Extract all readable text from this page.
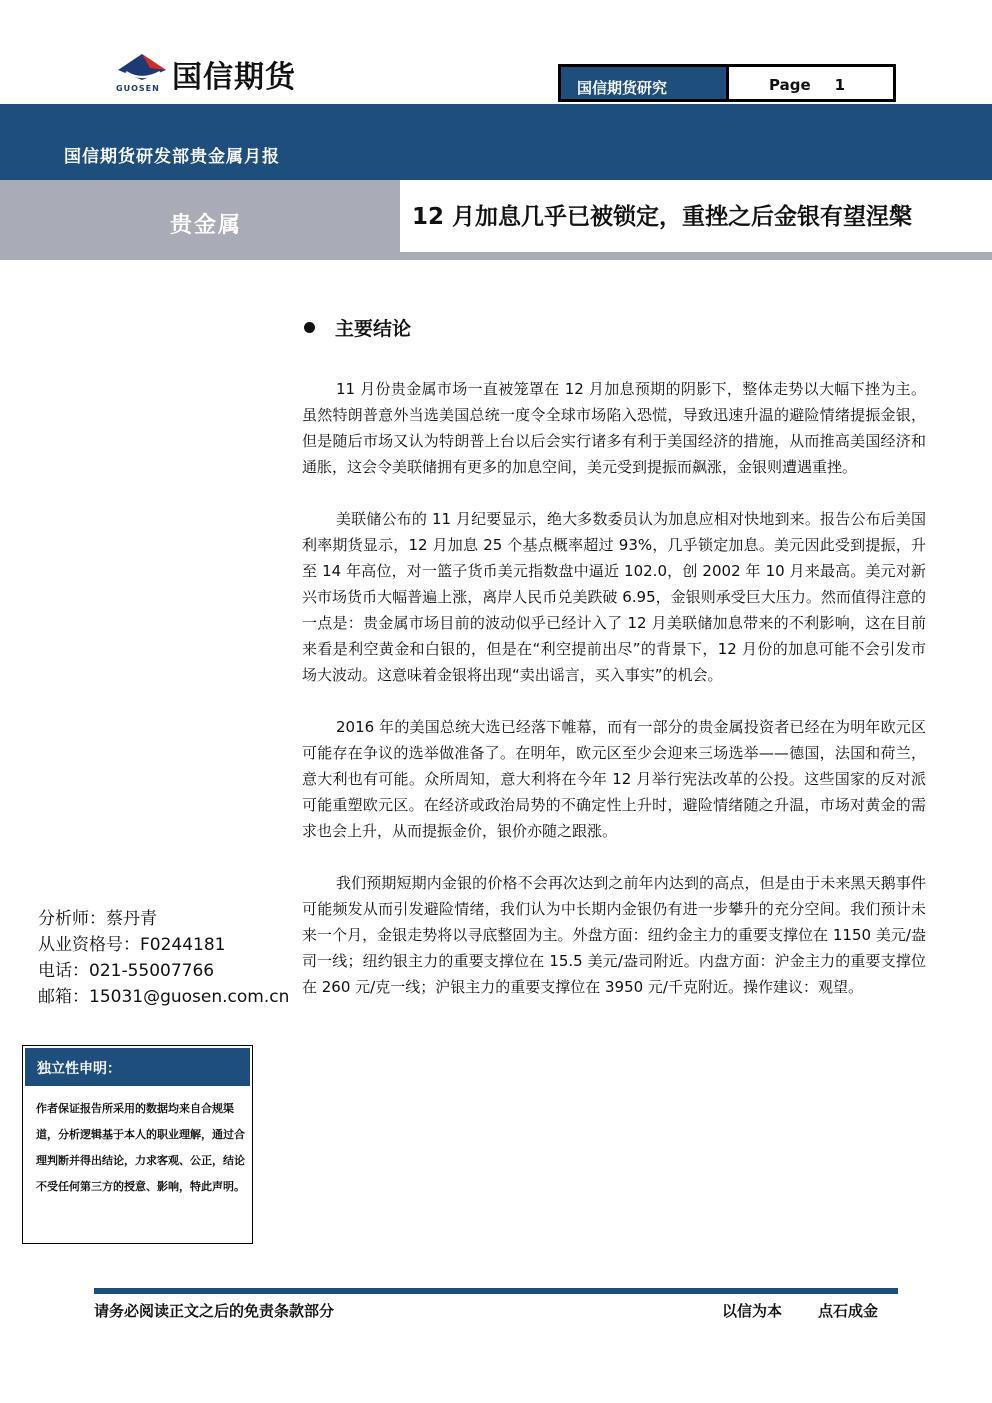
GUOSEN 国信期货	国信期货研究	Page 1
国信期货研发部贵金属月报
贵金属	12 月加息几乎已被锁定，重挫之后金银有望涅槃
2016 年 11 月 25 日
主要结论

11 月份贵金属市场一直被笼罩在 12 月加息预期的阴影下，整体走势以大幅下挫为主。虽然特朗普意外当选美国总统一度令全球市场陷入恐慌，导致迅速升温的避险情绪提振金银，但是随后市场又认为特朗普上台以后会实行诸多有利于美国经济的措施，从而推高美国经济和通胀，这会令美联储拥有更多的加息空间，美元受到提振而飙涨，金银则遭遇重挫。

美联储公布的 11 月纪要显示，绝大多数委员认为加息应相对快地到来。报告公布后美国利率期货显示，12 月加息 25 个基点概率超过 93%，几乎锁定加息。美元因此受到提振，升至 14 年高位，对一篮子货币美元指数盘中逼近 102.0，创 2002 年 10 月来最高。美元对新兴市场货币大幅普遍上涨，离岸人民币兑美跌破 6.95，金银则承受巨大压力。然而值得注意的一点是：贵金属市场目前的波动似乎已经计入了 12 月美联储加息带来的不利影响，这在目前来看是利空黄金和白银的，但是在“利空提前出尽”的背景下，12 月份的加息可能不会引发市场大波动。这意味着金银将出现“卖出谣言，买入事实”的机会。

2016 年的美国总统大选已经落下帷幕，而有一部分的贵金属投资者已经在为明年欧元区可能存在争议的选举做准备了。在明年，欧元区至少会迎来三场选举——德国，法国和荷兰，意大利也有可能。众所周知，意大利将在今年 12 月举行宪法改革的公投。这些国家的反对派可能重塑欧元区。在经济或政治局势的不确定性上升时，避险情绪随之升温，市场对黄金的需求也会上升，从而提振金价，银价亦随之跟涨。

我们预期短期内金银的价格不会再次达到之前年内达到的高点，但是由于未来黑天鹅事件可能频发从而引发避险情绪，我们认为中长期内金银仍有进一步攀升的充分空间。我们预计未来一个月，金银走势将以寻底整固为主。外盘方面：纽约金主力的重要支撑位在 1150 美元/盎司一线；纽约银主力的重要支撑位在 15.5 美元/盎司附近。内盘方面：沪金主力的重要支撑位在 260 元/克一线；沪银主力的重要支撑位在 3950 元/千克附近。操作建议：观望。

分析师：蔡丹青
从业资格号：F0244181
电话：021-55007766
邮箱：15031@guosen.com.cn
独立性申明：
作者保证报告所采用的数据均来自合规渠道，分析逻辑基于本人的职业理解，通过合理判断并得出结论，力求客观、公正，结论不受任何第三方的授意、影响，特此声明。
请务必阅读正文之后的免责条款部分	以信为本 点石成金
